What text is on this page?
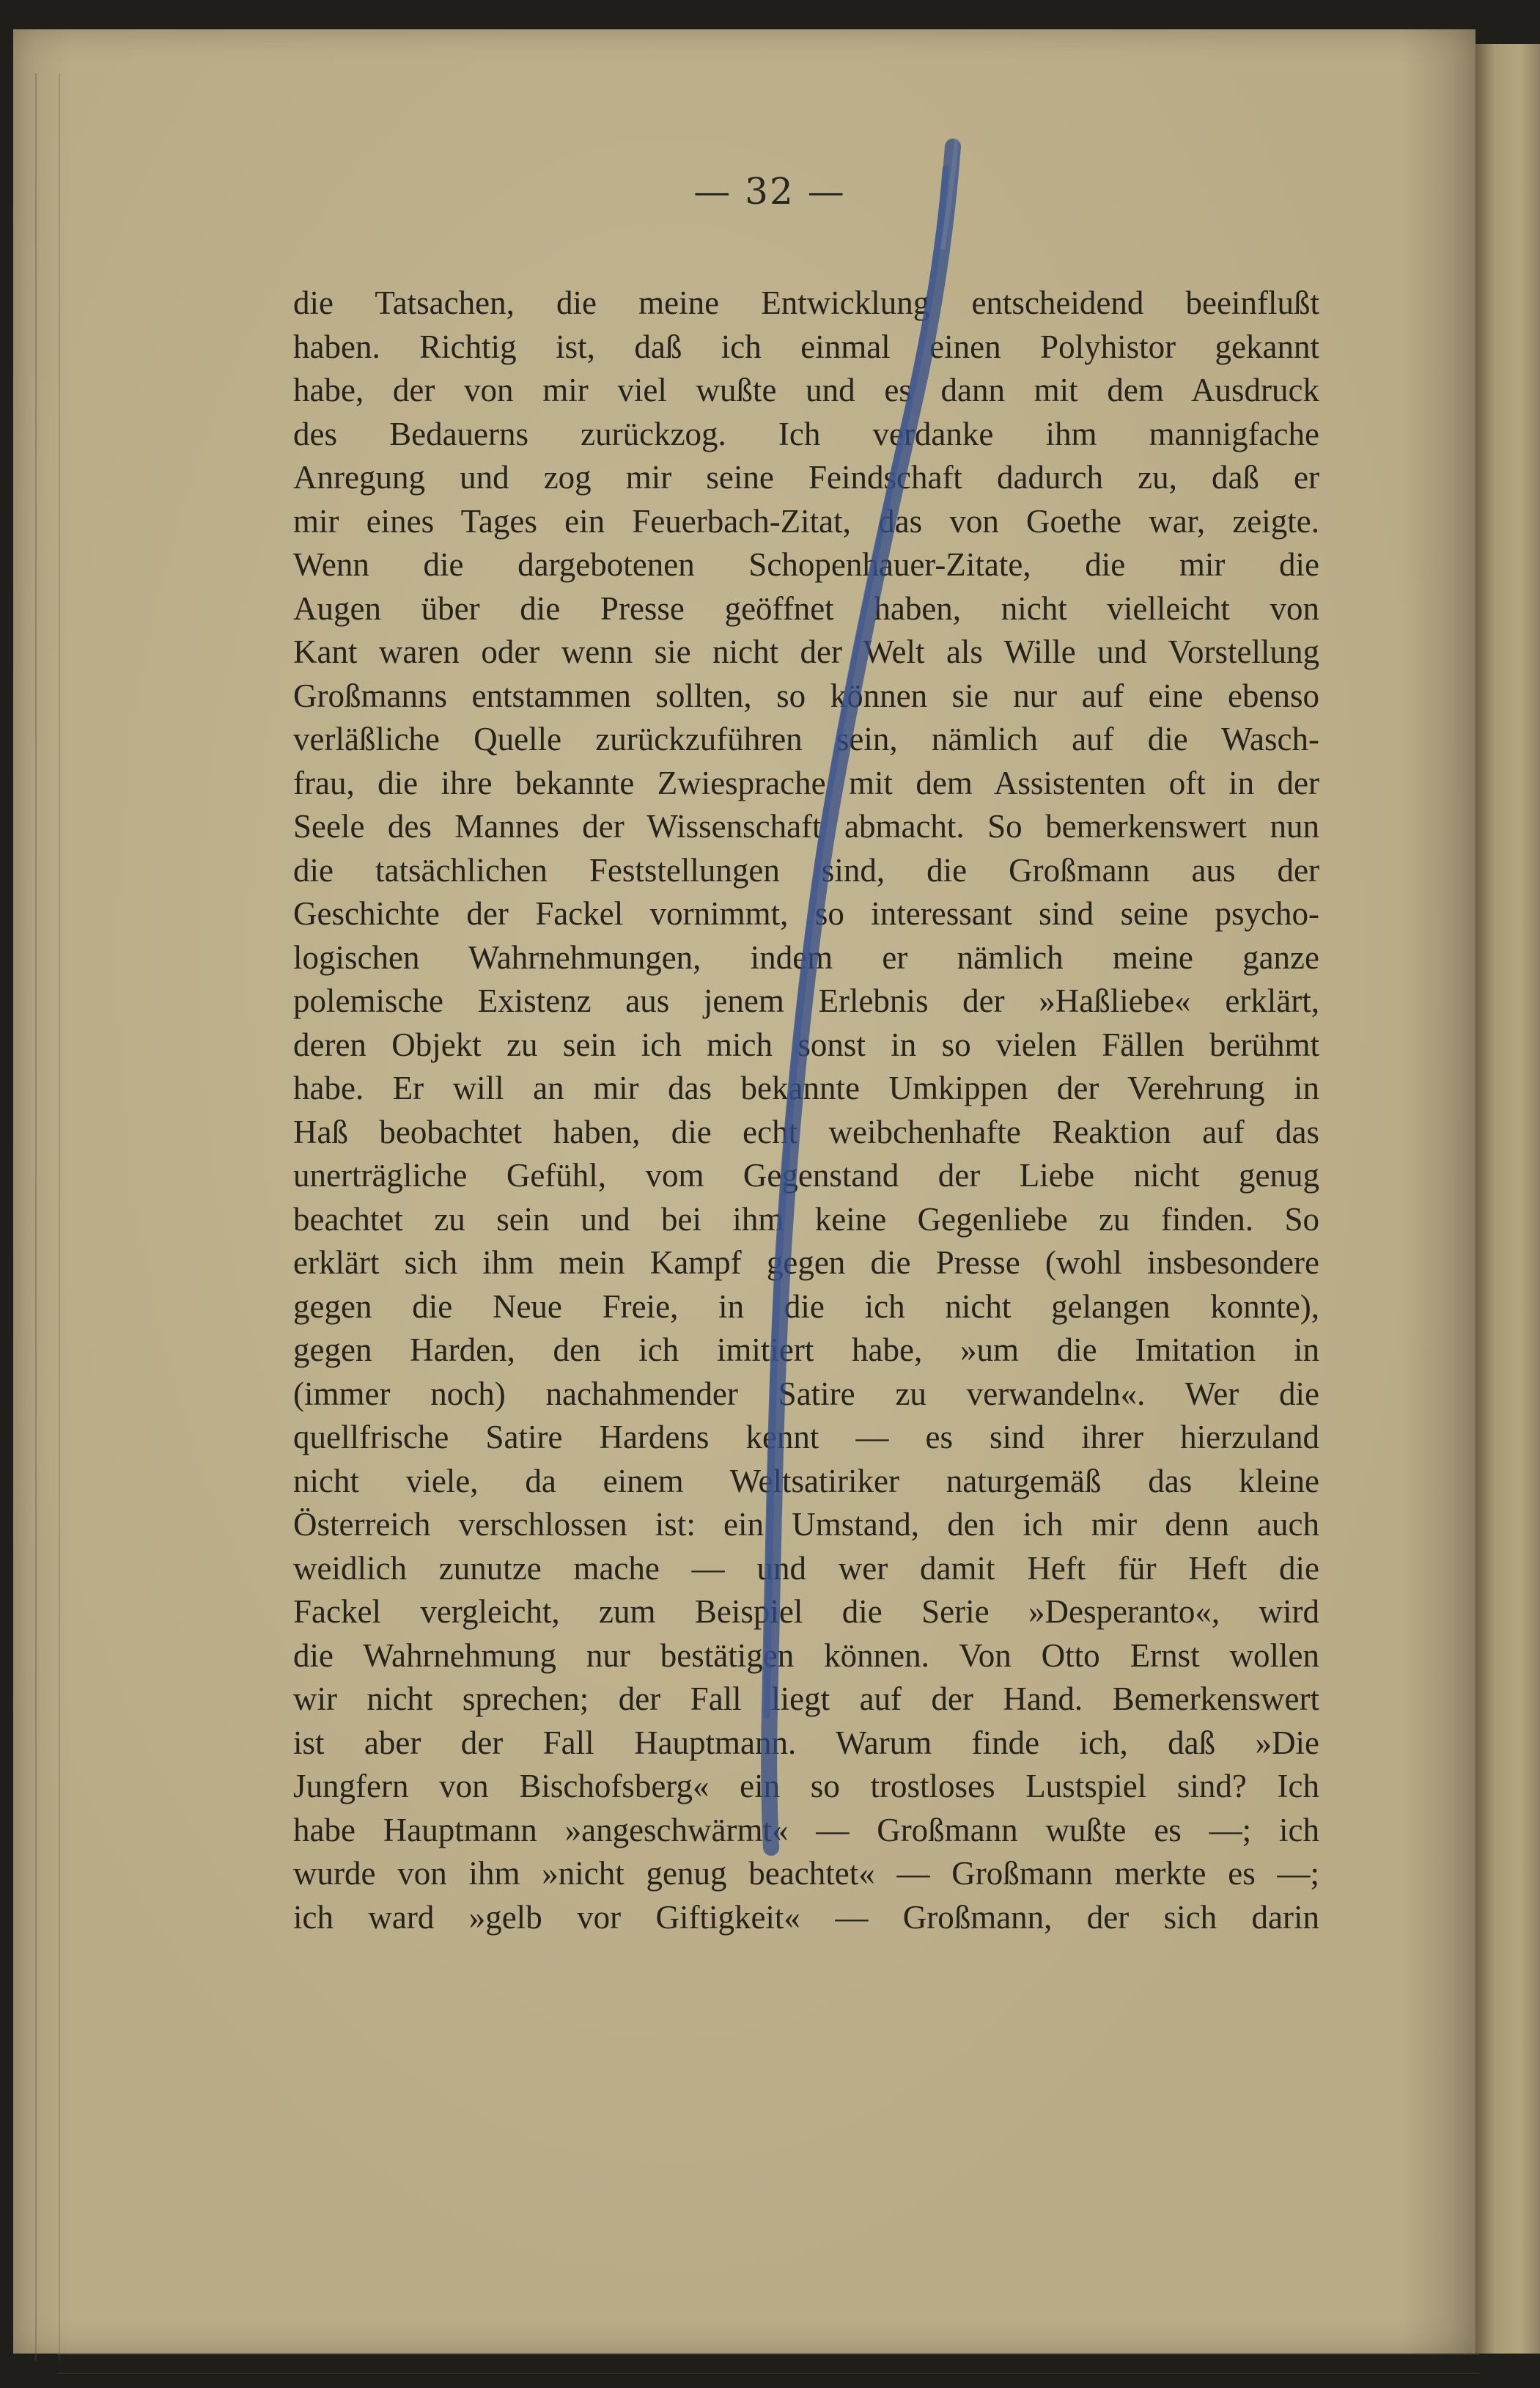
— 32 —
die Tatsachen, die meine Entwicklung entscheidend beeinflußt
haben. Richtig ist, daß ich einmal einen Polyhistor gekannt
habe, der von mir viel wußte und es dann mit dem Ausdruck
des Bedauerns zurückzog. Ich verdanke ihm mannigfache
Anregung und zog mir seine Feindschaft dadurch zu, daß er
mir eines Tages ein Feuerbach-Zitat, das von Goethe war, zeigte.
Wenn die dargebotenen Schopenhauer-Zitate, die mir die
Augen über die Presse geöffnet haben, nicht vielleicht von
Kant waren oder wenn sie nicht der Welt als Wille und Vorstellung
Großmanns entstammen sollten, so können sie nur auf eine ebenso
verläßliche Quelle zurückzuführen sein, nämlich auf die Wasch-
frau, die ihre bekannte Zwiesprache mit dem Assistenten oft in der
Seele des Mannes der Wissenschaft abmacht. So bemerkenswert nun
die tatsächlichen Feststellungen sind, die Großmann aus der
Geschichte der Fackel vornimmt, so interessant sind seine psycho-
logischen Wahrnehmungen, indem er nämlich meine ganze
polemische Existenz aus jenem Erlebnis der »Haßliebe« erklärt,
deren Objekt zu sein ich mich sonst in so vielen Fällen berühmt
habe. Er will an mir das bekannte Umkippen der Verehrung in
Haß beobachtet haben, die echt weibchenhafte Reaktion auf das
unerträgliche Gefühl, vom Gegenstand der Liebe nicht genug
beachtet zu sein und bei ihm keine Gegenliebe zu finden. So
erklärt sich ihm mein Kampf gegen die Presse (wohl insbesondere
gegen die Neue Freie, in die ich nicht gelangen konnte),
gegen Harden, den ich imitiert habe, »um die Imitation in
(immer noch) nachahmender Satire zu verwandeln«. Wer die
quellfrische Satire Hardens kennt — es sind ihrer hierzuland
nicht viele, da einem Weltsatiriker naturgemäß das kleine
Österreich verschlossen ist: ein Umstand, den ich mir denn auch
weidlich zunutze mache — und wer damit Heft für Heft die
Fackel vergleicht, zum Beispiel die Serie »Desperanto«, wird
die Wahrnehmung nur bestätigen können. Von Otto Ernst wollen
wir nicht sprechen; der Fall liegt auf der Hand. Bemerkenswert
ist aber der Fall Hauptmann. Warum finde ich, daß »Die
Jungfern von Bischofsberg« ein so trostloses Lustspiel sind? Ich
habe Hauptmann »angeschwärmt« — Großmann wußte es —; ich
wurde von ihm »nicht genug beachtet« — Großmann merkte es —;
ich ward »gelb vor Giftigkeit« — Großmann, der sich darin
